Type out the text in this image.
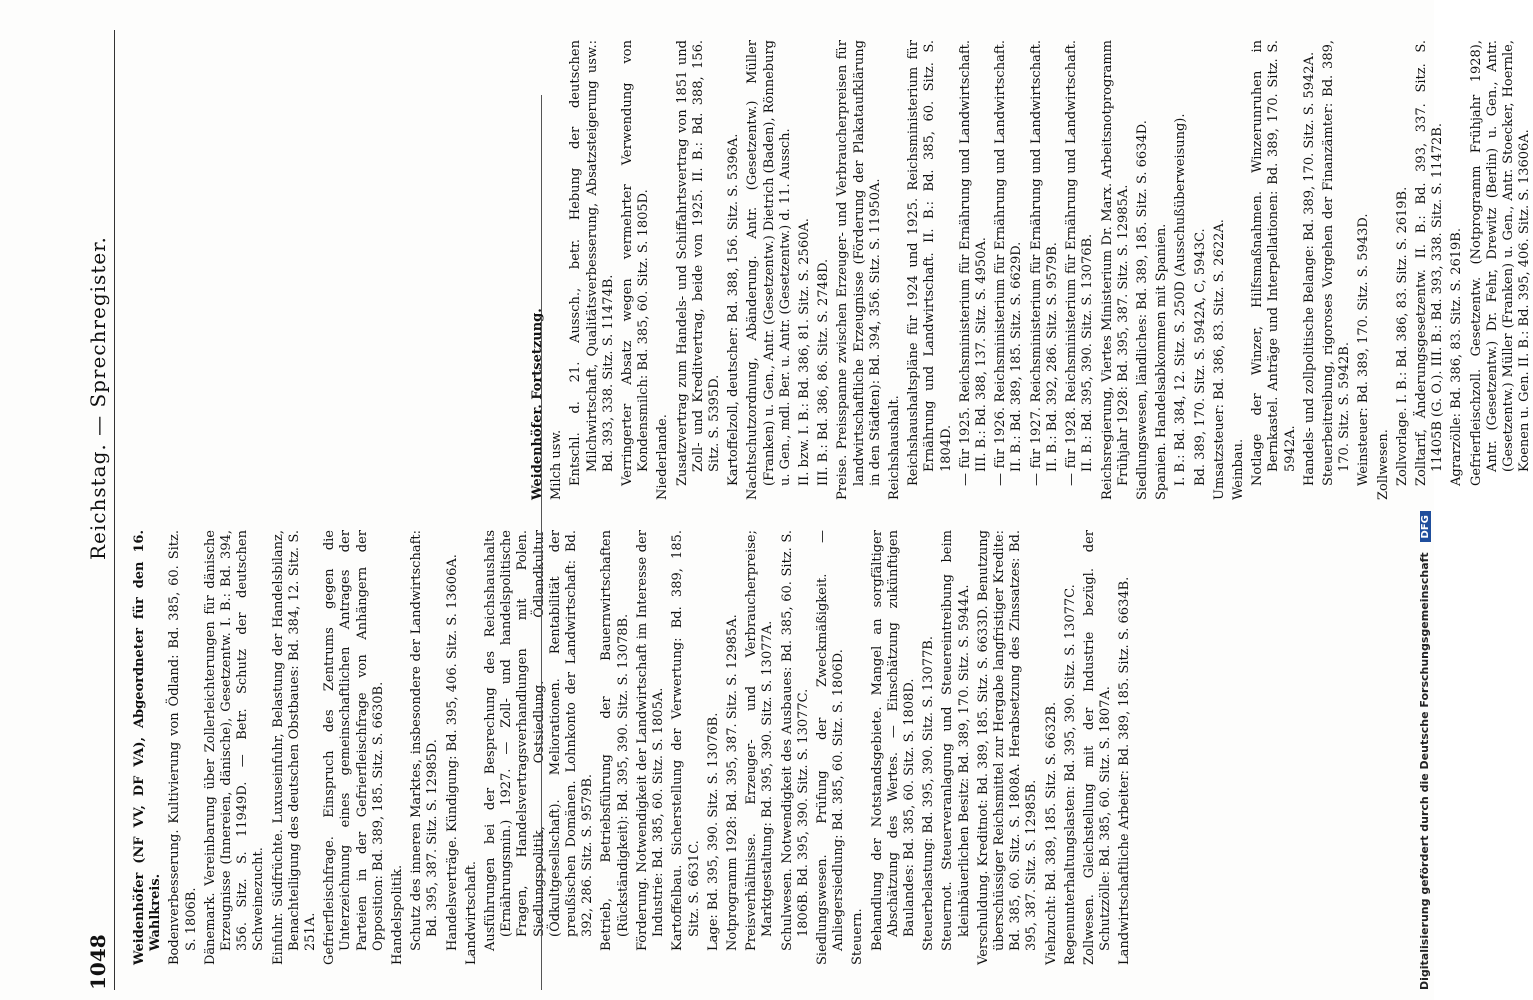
1048
Reichstag. — Sprechregister.

Weidenhöfer (NF VV, DF VA), Abgeordneter für den 16. Wahlkreis. Bodenverbesserung. Kultivierung von Ödland: Bd. 385, 60. Sitz. S. 1806B. Dänemark. Vereinbarung über Zollerleichterungen für dänische Erzeugnisse (Innereien, dänische), Gesetzentw. I. B.: Bd. 394, 356. Sitz. S. 11949D. — Betr. Schutz der deutschen Schweinezucht. Einfuhr. Südfrüchte. Luxuseinfuhr, Belastung der Handelsbilanz, Benachteiligung des deutschen Obstbaues: Bd. 384, 12. Sitz. S. 251A. Gefrierfleischfrage. Einspruch des Zentrums gegen die Unterzeichnung eines gemeinschaftlichen Antrages der Parteien in der Gefrierfleischfrage von Anhängern der Opposition: Bd. 389, 185. Sitz. S. 6630B. Handelspolitik. Schutz des inneren Marktes, insbesondere der Landwirtschaft: Bd. 395, 387. Sitz. S. 12985D. Handelsverträge. Kündigung: Bd. 395, 406. Sitz. S. 13606A. Landwirtschaft. Ausführungen bei der Besprechung des Reichshaushalts (Ernährungsmin.) 1927. — Zoll- und handelspolitische Fragen, Handelsvertragsverhandlungen mit Polen. Siedlungspolitik, Ostsiedlung. Ödlandkultur (Ödkultgesellschaft). Meliorationen. Rentabilität der preußischen Domänen. Lohnkonto der Landwirtschaft: Bd. 392, 286. Sitz. S. 9579B. Betrieb, Betriebsführung der Bauernwirtschaften (Rückständigkeit): Bd. 395, 390. Sitz. S. 13078B. Förderung. Notwendigkeit der Landwirtschaft im Interesse der Industrie: Bd. 385, 60. Sitz. S. 1805A. Kartoffelbau. Sicherstellung der Verwertung: Bd. 389, 185. Sitz. S. 6631C. Lage: Bd. 395, 390. Sitz. S. 13076B. Notprogramm 1928: Bd. 395, 387. Sitz. S. 12985A. Preisverhältnisse. Erzeuger- und Verbraucherpreise; Marktgestaltung: Bd. 395, 390. Sitz. S. 13077A. Schulwesen. Notwendigkeit des Ausbaues: Bd. 385, 60. Sitz. S. 1806B. Bd. 395, 390. Sitz. S. 13077C. Siedlungswesen. Prüfung der Zweckmäßigkeit. — Anliegersiedlung: Bd. 385, 60. Sitz. S. 1806D. Steuern. Behandlung der Notstandsgebiete. Mangel an sorgfältiger Abschätzung des Wertes. — Einschätzung zukünftigen Baulandes: Bd. 385, 60. Sitz. S. 1808D. Steuerbelastung: Bd. 395, 390. Sitz. S. 13077B. Steuernot. Steuerveranlagung und Steuereintreibung beim kleinbäuerlichen Besitz: Bd. 389, 170. Sitz. S. 5944A. Verschuldung. Kreditnot: Bd. 389, 185. Sitz. S. 6633D. Benutzung überschüssiger Reichsmittel zur Hergabe langfristiger Kredite: Bd. 385, 60. Sitz. S. 1808A. Herabsetzung des Zinssatzes: Bd. 395, 387. Sitz. S. 12985B. Viehzucht: Bd. 389, 185. Sitz. S. 6632B. Regenunterhaltungslasten: Bd. 395, 390. Sitz. S. 13077C. Zollwesen. Gleichstellung mit der Industrie bezügl. der Schutzzölle: Bd. 385, 60. Sitz. S. 1807A. Landwirtschaftliche Arbeiter: Bd. 389, 185. Sitz. S. 6634B.

Weidenhöfer. Fortsetzung. Milch usw. Entschl. d. 21. Aussch., betr. Hebung der deutschen Milchwirtschaft, Qualitätsverbesserung, Absatzsteigerung usw.: Bd. 393, 338. Sitz. S. 11474B. Verringerter Absatz wegen vermehrter Verwendung von Kondensmilch: Bd. 385, 60. Sitz. S. 1805D. Niederlande. Zusatzvertrag zum Handels- und Schiffahrtsvertrag von 1851 und Zoll- und Kreditvertrag, beide von 1925. II. B.: Bd. 388, 156. Sitz. S. 5395D. Kartoffelzoll, deutscher: Bd. 388, 156. Sitz. S. 5396A. Nachtschutzordnung, Abänderung. Antr. (Gesetzentw.) Müller (Franken) u. Gen., Antr. (Gesetzentw.) Dietrich (Baden), Rönneburg u. Gen., mdl. Ber. u. Antr. (Gesetzentw.) d. 11. Aussch. II. bzw. I. B.: Bd. 386, 81. Sitz. S. 2560A. III. B.: Bd. 386, 86. Sitz. S. 2748D. Preise. Preisspanne zwischen Erzeuger- und Verbraucherpreisen für landwirtschaftliche Erzeugnisse (Förderung der Plakataufklärung in den Städten): Bd. 394, 356. Sitz. S. 11950A. Reichshaushalt. Reichshaushaltspläne für 1924 und 1925. Reichsministerium für Ernährung und Landwirtschaft. II. B.: Bd. 385, 60. Sitz. S. 1804D. — für 1925. Reichsministerium für Ernährung und Landwirtschaft. III. B.: Bd. 388, 137. Sitz. S. 4950A. — für 1926. Reichsministerium für Ernährung und Landwirtschaft. II. B.: Bd. 389, 185. Sitz. S. 6629D. — für 1927. Reichsministerium für Ernährung und Landwirtschaft. II. B.: Bd. 392, 286. Sitz. S. 9579B. — für 1928. Reichsministerium für Ernährung und Landwirtschaft. II. B.: Bd. 395, 390. Sitz. S. 13076B. Reichsregierung, Viertes Ministerium Dr. Marx. Arbeitsnotprogramm Frühjahr 1928: Bd. 395, 387. Sitz. S. 12985A. Siedlungswesen, ländliches: Bd. 389, 185. Sitz. S. 6634D. Spanien. Handelsabkommen mit Spanien. I. B.: Bd. 384, 12. Sitz. S. 250D (Ausschußüberweisung). Bd. 389, 170. Sitz. S. 5942A, C, 5943C. Umsatzsteuer: Bd. 386, 83. Sitz. S. 2622A. Weinbau. Notlage der Winzer, Hilfsmaßnahmen. Winzerunruhen in Bernkastel. Anträge und Interpellationen: Bd. 389, 170. Sitz. S. 5942A. Handels- und zollpolitische Belange: Bd. 389, 170. Sitz. S. 5942A. Steuerbeitreibung, rigoroses Vorgehen der Finanzämter: Bd. 389, 170. Sitz. S. 5942B. Weinsteuer: Bd. 389, 170. Sitz. S. 5943D. Zollwesen. Zollvorlage. I. B.: Bd. 386, 83. Sitz. S. 2619B. Zolltarif, Änderungsgesetzentw. II. B.: Bd. 393, 337. Sitz. S. 11405B (G. O.). III. B.: Bd. 393, 338. Sitz. S. 11472B. Agrarzölle: Bd. 386, 83. Sitz. S. 2619B. Gefrierfleischzoll. Gesetzentw. (Notprogramm Frühjahr 1928), Antr. (Gesetzentw.) Dr. Fehr, Drewitz (Berlin) u. Gen., Antr. (Gesetzentw.) Müller (Franken) u. Gen., Antr. Stoecker, Hoernle, Koenen u. Gen. II. B.: Bd. 395, 406. Sitz. S. 13606A.

Digitalisierung gefördert durch die Deutsche Forschungsgemeinschaft DFG
